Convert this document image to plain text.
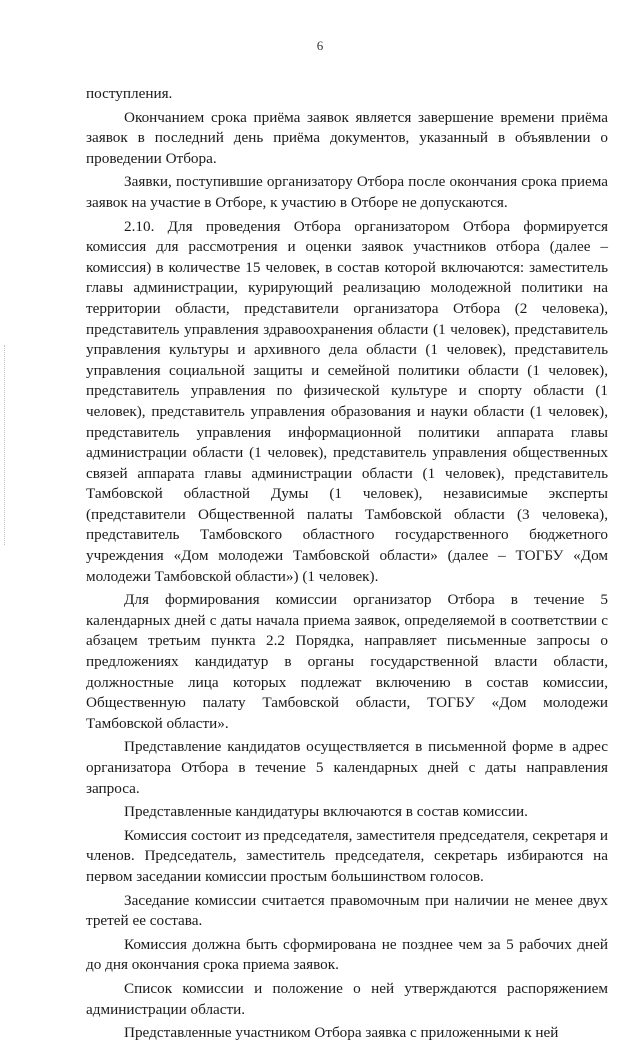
6

поступления.

Окончанием срока приёма заявок является завершение времени приёма заявок в последний день приёма документов, указанный в объявлении о проведении Отбора.

Заявки, поступившие организатору Отбора после окончания срока приема заявок на участие в Отборе, к участию в Отборе не допускаются.

2.10. Для проведения Отбора организатором Отбора формируется комиссия для рассмотрения и оценки заявок участников отбора (далее – комиссия) в количестве 15 человек, в состав которой включаются: заместитель главы администрации, курирующий реализацию молодежной политики на территории области, представители организатора Отбора (2 человека), представитель управления здравоохранения области (1 человек), представитель управления культуры и архивного дела области (1 человек), представитель управления социальной защиты и семейной политики области (1 человек), представитель управления по физической культуре и спорту области (1 человек), представитель управления образования и науки области (1 человек), представитель управления информационной политики аппарата главы администрации области (1 человек), представитель управления общественных связей аппарата главы администрации области (1 человек), представитель Тамбовской областной Думы (1 человек), независимые эксперты (представители Общественной палаты Тамбовской области (3 человека), представитель Тамбовского областного государственного бюджетного учреждения «Дом молодежи Тамбовской области» (далее – ТОГБУ «Дом молодежи Тамбовской области») (1 человек).

Для формирования комиссии организатор Отбора в течение 5 календарных дней с даты начала приема заявок, определяемой в соответствии с абзацем третьим пункта 2.2 Порядка, направляет письменные запросы о предложениях кандидатур в органы государственной власти области, должностные лица которых подлежат включению в состав комиссии, Общественную палату Тамбовской области, ТОГБУ «Дом молодежи Тамбовской области».

Представление кандидатов осуществляется в письменной форме в адрес организатора Отбора в течение 5 календарных дней с даты направления запроса.

Представленные кандидатуры включаются в состав комиссии.

Комиссия состоит из председателя, заместителя председателя, секретаря и членов. Председатель, заместитель председателя, секретарь избираются на первом заседании комиссии простым большинством голосов.

Заседание комиссии считается правомочным при наличии не менее двух третей ее состава.

Комиссия должна быть сформирована не позднее чем за 5 рабочих дней до дня окончания срока приема заявок.

Список комиссии и положение о ней утверждаются распоряжением администрации области.

Представленные участником Отбора заявка с приложенными к ней
